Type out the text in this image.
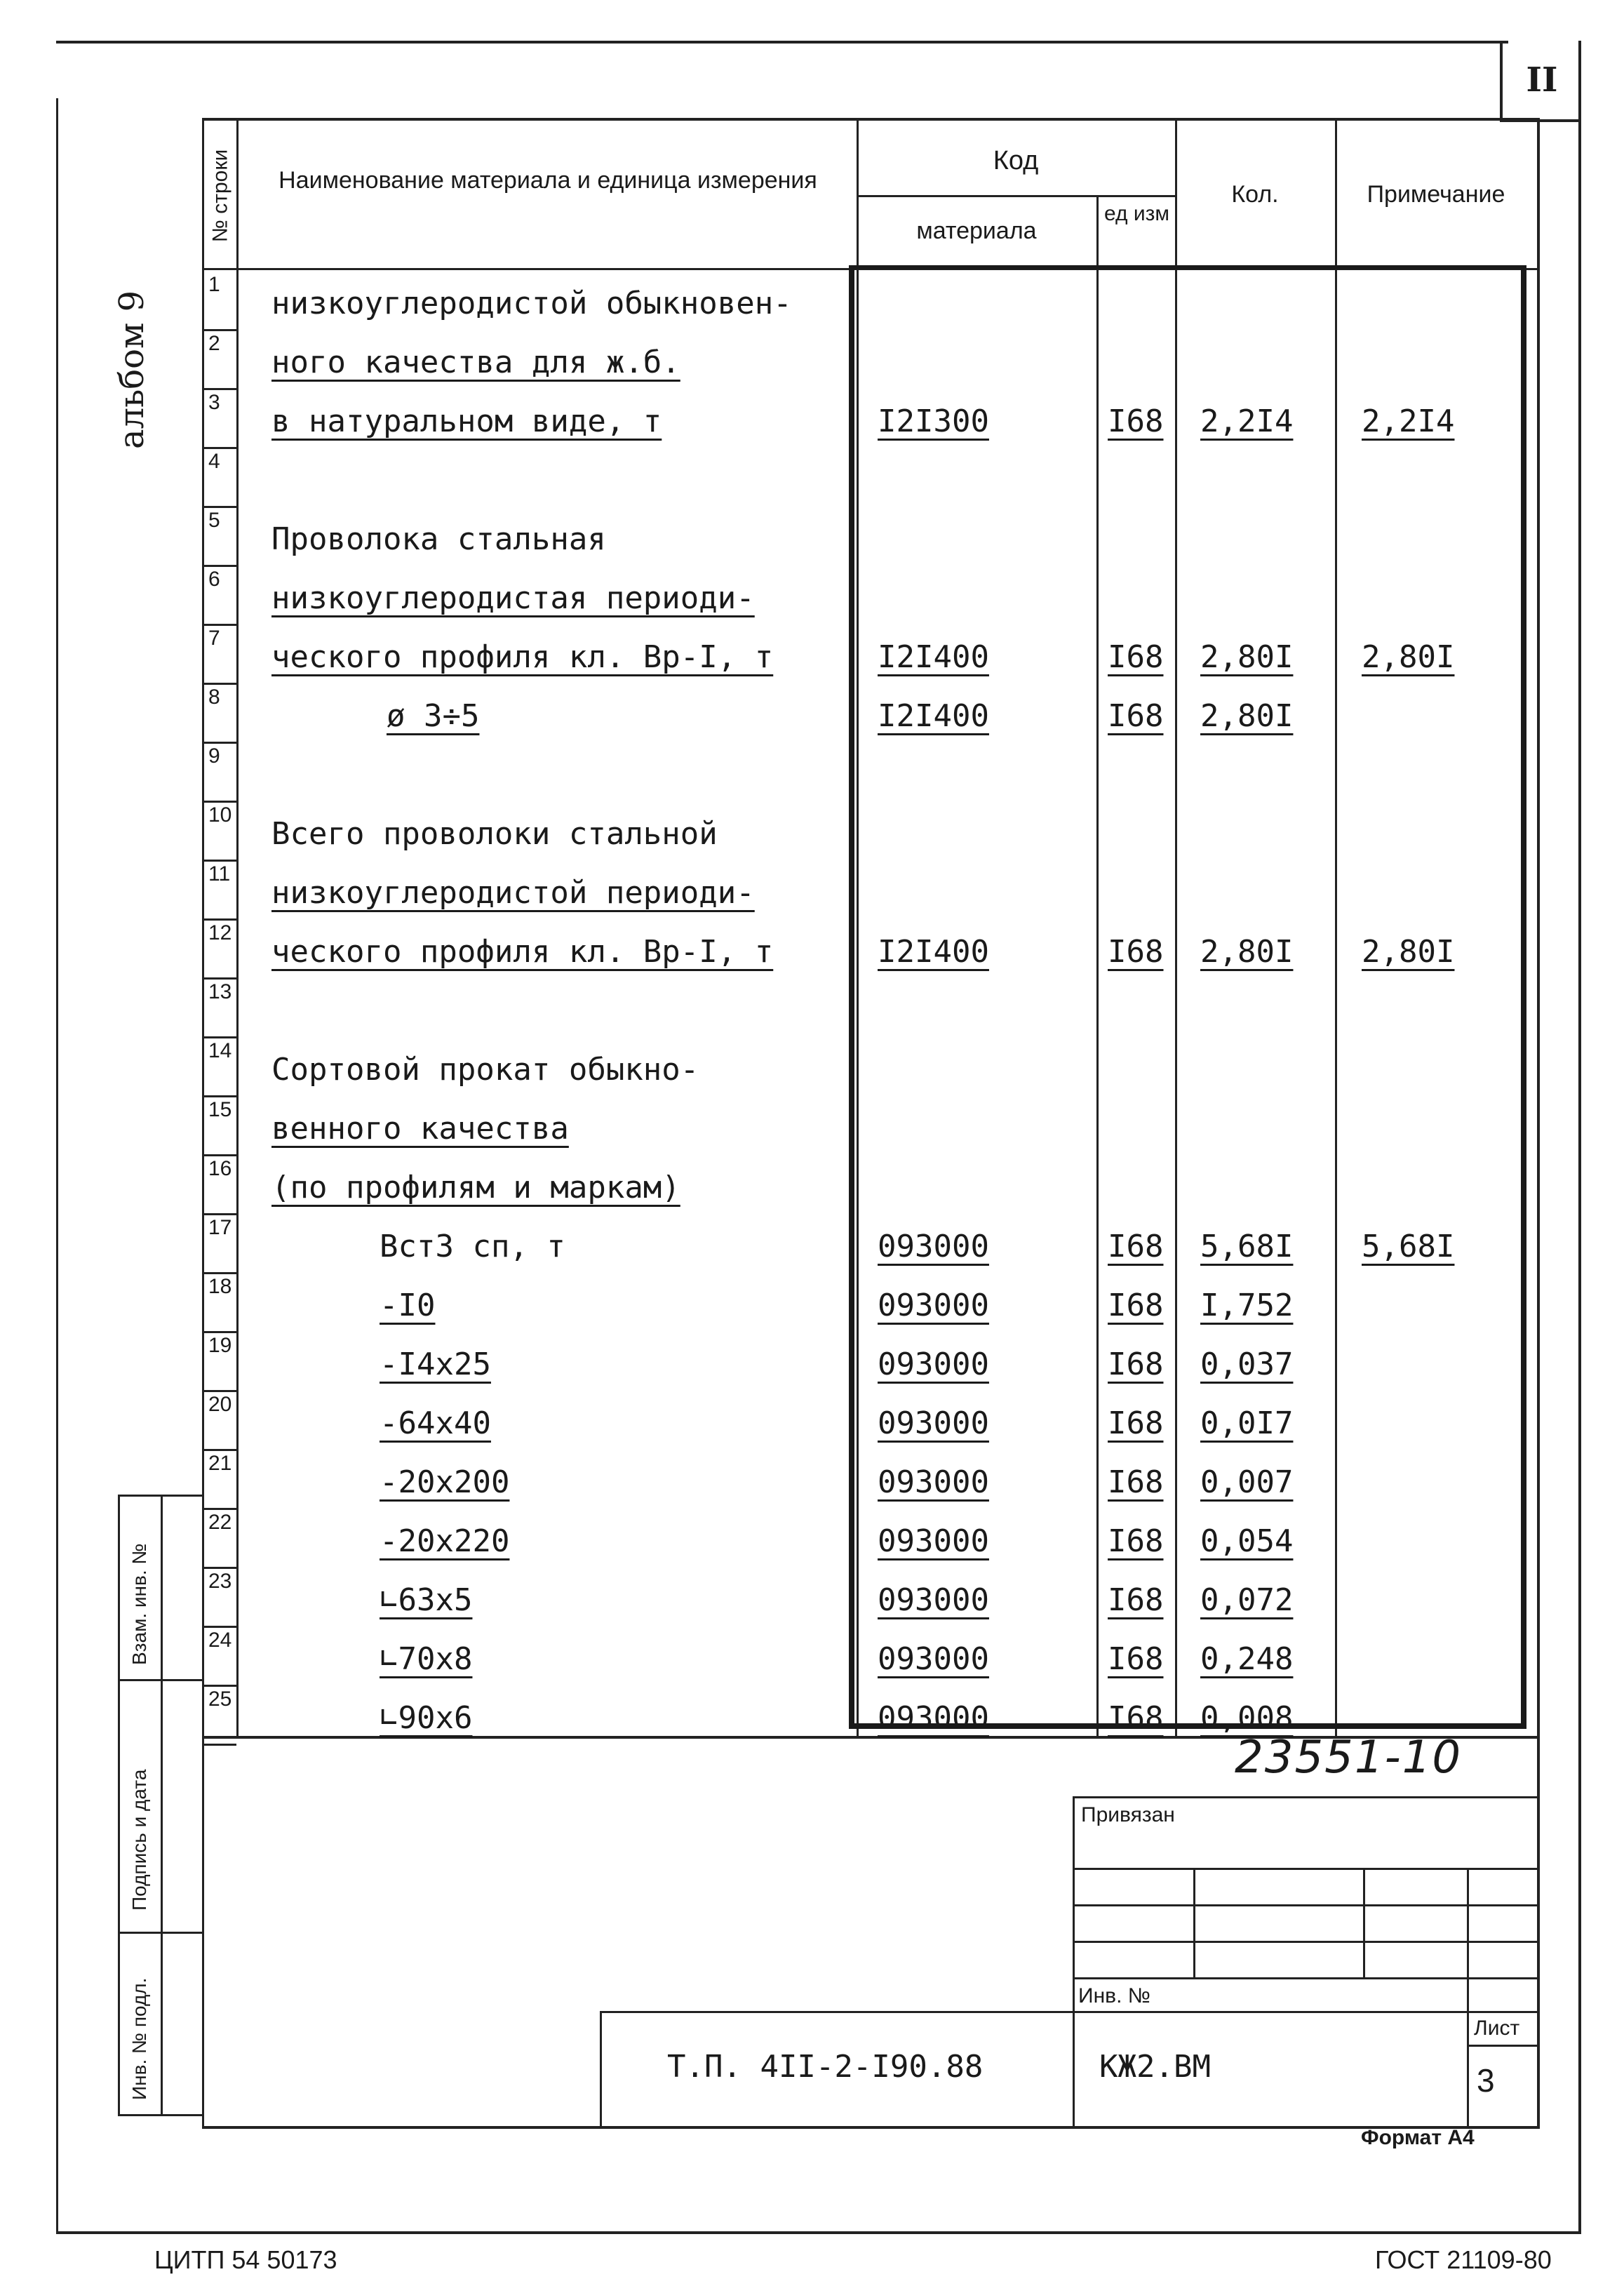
II
альбом 9
№ строки	Наименование материала и единица измерения
Код
материала
ед изм
Кол.	Примечание
1
низкоуглеродистой обыкновен-
2
ного качества для ж.б.
3
в натуральном виде, т	I2I300	I68 2,2I4 2,2I4
4
5
Проволока стальная
6
низкоуглеродистая периоди-
7
ческого профиля кл. Вр-I, т	I2I400	I68 2,80I 2,80I
8
ø 3÷5	I2I400	I68 2,80I
9
10
Всего проволоки стальной
11
низкоуглеродистой периоди-
12
ческого профиля кл. Вр-I, т	I2I400	I68 2,80I 2,80I
13
14
Сортовой прокат обыкно-
15
венного качества
16
(по профилям и маркам)
17
Вст3 сп, т	093000	I68 5,68I 5,68I
18
-I0	093000	I68 I,752
19
-I4x25	093000	I68 0,037
20
-64x40	093000	I68 0,0I7
21
-20x200	093000	I68 0,007
22
-20x220	093000	I68 0,054
23
∟63x5	093000	I68 0,072
24
∟70x8	093000	I68 0,248
25
∟90x6	093000	I68 0,008
Взам. инв. №
Подпись и дата
Инв. № подл.
Привязан
Инв. №
Т.П. 4II-2-I90.88	КЖ2.ВМ
Лист
3
23551-10
Формат А4
ЦИТП 54 50173	ГОСТ 21109-80
